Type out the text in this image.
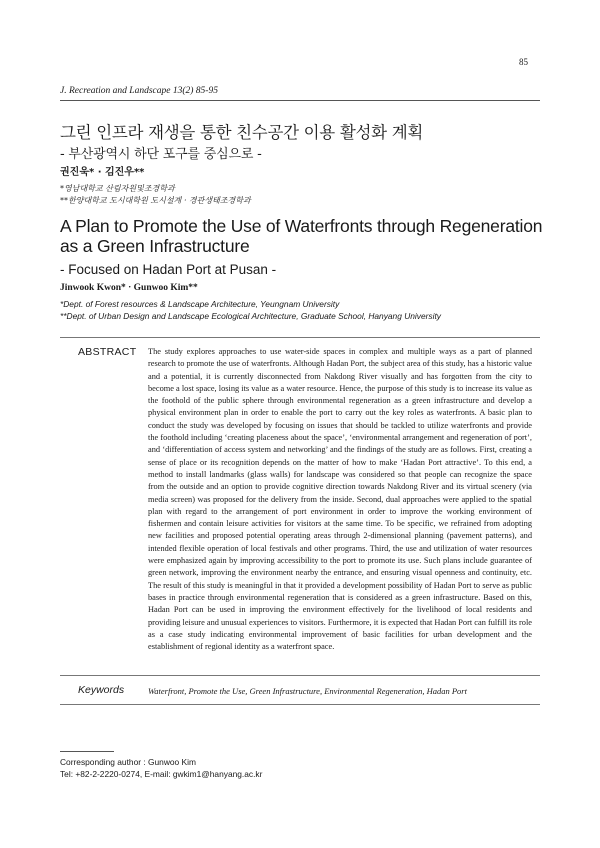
85
J. Recreation and Landscape 13(2) 85-95
그린 인프라 재생을 통한 친수공간 이용 활성화 계획
- 부산광역시 하단 포구를 중심으로 -
권진욱* · 김진우**
*영남대학교 산림자원및조경학과
**한양대학교 도시대학원 도시설계 · 경관생태조경학과
A Plan to Promote the Use of Waterfronts through Regeneration as a Green Infrastructure
- Focused on Hadan Port at Pusan -
Jinwook Kwon* · Gunwoo Kim**
*Dept. of Forest resources & Landscape Architecture, Yeungnam University
**Dept. of Urban Design and Landscape Ecological Architecture, Graduate School, Hanyang University
ABSTRACT The study explores approaches to use water-side spaces in complex and multiple ways as a part of planned research to promote the use of waterfronts. Although Hadan Port, the subject area of this study, has a historic value and a potential, it is currently disconnected from Nakdong River visually and has forgotten from the city to become a lost space, losing its value as a water resource. Hence, the purpose of this study is to increase its value as the foothold of the public sphere through environmental regeneration as a green infrastructure and develop a physical environment plan in order to enable the port to carry out the key roles as waterfronts. A basic plan to conduct the study was developed by focusing on issues that should be tackled to utilize waterfronts and provide the foothold including ‘creating placeness about the space’, ‘environmental arrangement and regeneration of port’, and ‘differentiation of access system and networking’ and the findings of the study are as follows. First, creating a sense of place or its recognition depends on the matter of how to make ‘Hadan Port attractive’. To this end, a method to install landmarks (glass walls) for landscape was considered so that people can recognize the space from the outside and an option to provide cognitive direction towards Nakdong River and its virtual scenery (via media screen) was proposed for the delivery from the inside. Second, dual approaches were applied to the spatial plan with regard to the arrangement of port environment in order to improve the working environment of fishermen and contain leisure activities for visitors at the same time. To be specific, we refrained from adopting new facilities and proposed potential operating areas through 2-dimensional planning (pavement patterns), and intended flexible operation of local festivals and other programs. Third, the use and utilization of water resources were emphasized again by improving accessibility to the port to promote its use. Such plans include guarantee of green network, improving the environment nearby the entrance, and ensuring visual openness and continuity, etc. The result of this study is meaningful in that it provided a development possibility of Hadan Port to serve as public bases in practice through environmental regeneration that is considered as a green infrastructure. Based on this, Hadan Port can be used in improving the environment effectively for the livelihood of local residents and providing leisure and unusual experiences to visitors. Furthermore, it is expected that Hadan Port can fulfill its role as a case study indicating environmental improvement of basic facilities for urban development and the establishment of regional identity as a waterfront space.
Keywords	Waterfront, Promote the Use, Green Infrastructure, Environmental Regeneration, Hadan Port
Corresponding author : Gunwoo Kim
Tel: +82-2-2220-0274, E-mail: gwkim1@hanyang.ac.kr
